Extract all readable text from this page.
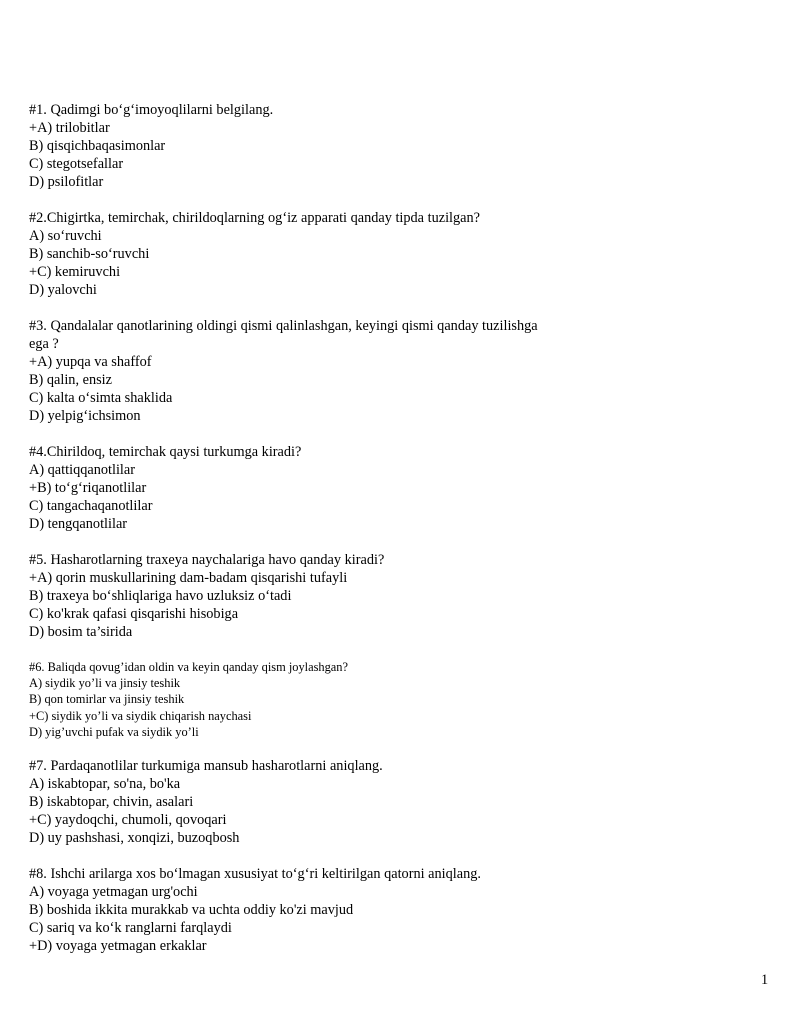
#1. Qadimgi bo‘g‘imoyoqlilarni belgilang.
+A) trilobitlar
B) qisqichbaqasimonlar
C) stegotsefallar
D) psilofitlar
#2.Chigirtka, temirchak, chirildoqlarning og‘iz apparati qanday tipda tuzilgan?
A) so‘ruvchi
B) sanchib-so‘ruvchi
+C) kemiruvchi
D) yalovchi
#3. Qandalalar qanotlarining oldingi qismi qalinlashgan, keyingi qismi qanday tuzilishga
ega ?
+A) yupqa va shaffof
B) qalin, ensiz
C) kalta o‘simta shaklida
D) yelpig‘ichsimon
#4.Chirildoq, temirchak qaysi turkumga kiradi?
A) qattiqqanotlilar
+B) to‘g‘riqanotlilar
C) tangachaqanotlilar
D) tengqanotlilar
#5. Hasharotlarning traxeya naychalariga havo qanday kiradi?
+A) qorin muskullarining dam-badam qisqarishi tufayli
B) traxeya bo‘shliqlariga havo uzluksiz o‘tadi
C) ko'krak qafasi qisqarishi hisobiga
D) bosim ta’sirida
#6. Baliqda qovug’idan oldin va keyin qanday qism joylashgan?
A) siydik yo’li va jinsiy teshik
B) qon tomirlar va jinsiy teshik
+C) siydik yo’li va siydik chiqarish naychasi
D) yig’uvchi pufak va siydik yo’li
#7. Pardaqanotlilar turkumiga mansub hasharotlarni aniqlang.
A) iskabtopar, so'na, bo'ka
B) iskabtopar, chivin, asalari
+C) yaydoqchi, chumoli, qovoqari
D) uy pashshasi, xonqizi, buzoqbosh
#8. Ishchi arilarga xos bo‘lmagan xususiyat to‘g‘ri keltirilgan qatorni aniqlang.
A) voyaga yetmagan urg'ochi
B) boshida ikkita murakkab va uchta oddiy ko'zi mavjud
C) sariq va ko‘k ranglarni farqlaydi
+D) voyaga yetmagan erkaklar
1
